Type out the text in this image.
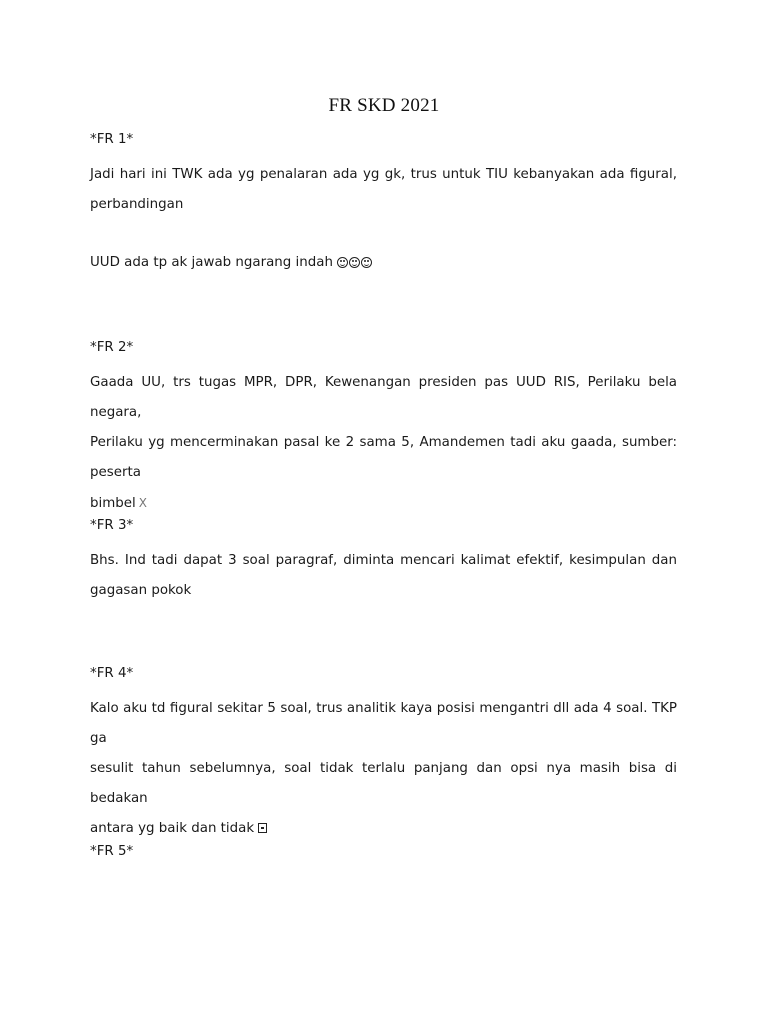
FR SKD 2021
*FR 1*
Jadi hari ini TWK ada yg penalaran ada yg gk, trus untuk TIU kebanyakan ada figural,
perbandingan
UUD ada tp ak jawab ngarang indah
*FR 2*
Gaada UU, trs tugas MPR, DPR, Kewenangan presiden pas UUD RIS, Perilaku bela negara,
Perilaku yg mencerminakan pasal ke 2 sama 5, Amandemen tadi aku gaada, sumber: peserta
bimbel X
*FR 3*
Bhs. Ind tadi dapat 3 soal paragraf, diminta mencari kalimat efektif, kesimpulan dan
gagasan pokok
*FR 4*
Kalo aku td figural sekitar 5 soal, trus analitik kaya posisi mengantri dll ada 4 soal. TKP ga
sesulit tahun sebelumnya, soal tidak terlalu panjang dan opsi nya masih bisa di bedakan
antara yg baik dan tidak
*FR 5*
